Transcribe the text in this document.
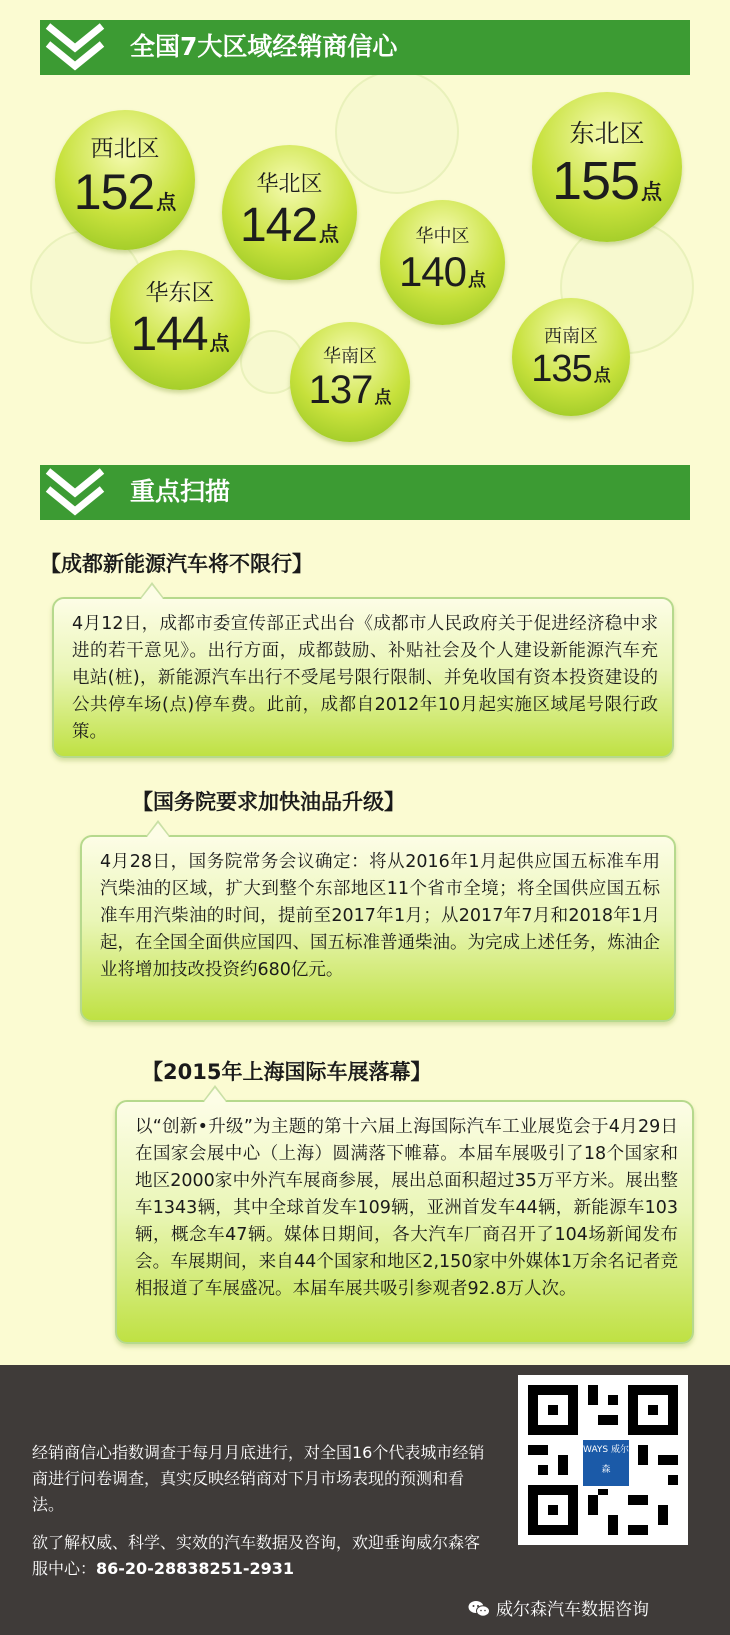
全国7大区域经销商信心
西北区
152 点
华北区
142 点	华中区
140 点
东北区
155点
华东区
144 点
华南区
137 点
西南区
135 点
重点扫描
【成都新能源汽车将不限行】
4月12日，成都市委宣传部正式出台《成都市人民政府关于促进经济稳中求进的若干意见》。出行方面，成都鼓励、补贴社会及个人建设新能源汽车充电站(桩)，新能源汽车出行不受尾号限行限制、并免收国有资本投资建设的公共停车场(点)停车费。此前，成都自2012年10月起实施区域尾号限行政策。
【国务院要求加快油品升级】
4月28日，国务院常务会议确定：将从2016年1月起供应国五标准车用汽柴油的区域，扩大到整个东部地区11个省市全境；将全国供应国五标准车用汽柴油的时间，提前至2017年1月；从2017年7月和2018年1月起，在全国全面供应国四、国五标准普通柴油。为完成上述任务，炼油企业将增加技改投资约680亿元。
【2015年上海国际车展落幕】
以“创新•升级”为主题的第十六届上海国际汽车工业展览会于4月29日在国家会展中心（上海）圆满落下帷幕。本届车展吸引了18个国家和地区2000家中外汽车展商参展，展出总面积超过35万平方米。展出整车1343辆，其中全球首发车109辆，亚洲首发车44辆，新能源车103辆，概念车47辆。媒体日期间，各大汽车厂商召开了104场新闻发布会。车展期间，来自44个国家和地区2,150家中外媒体1万余名记者竞相报道了车展盛况。本届车展共吸引参观者92.8万人次。
经销商信心指数调查于每月月底进行，对全国16个代表城市经销商进行问卷调查，真实反映经销商对下月市场表现的预测和看法。
欲了解权威、科学、实效的汽车数据及咨询，欢迎垂询威尔森客服中心：86-20-28838251-2931
WAYS 威尔森
威尔森汽车数据咨询
